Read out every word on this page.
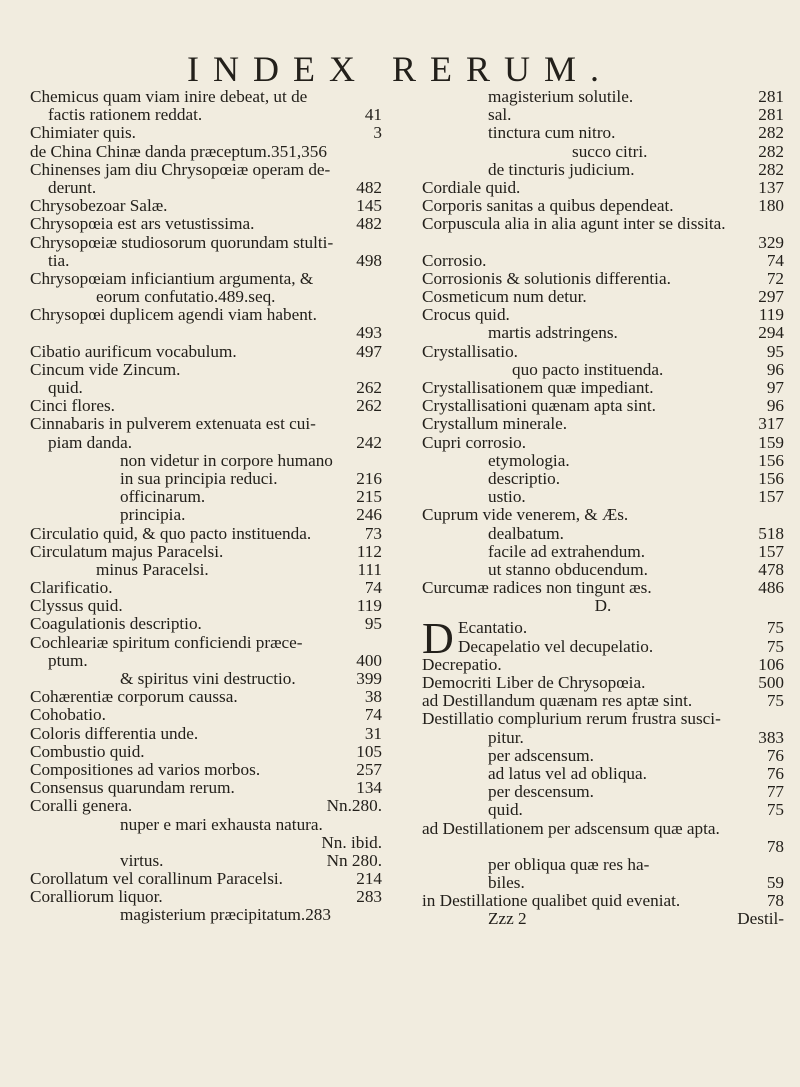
INDEX RERUM.
Chemicus quam viam inire debeat, ut de
factis rationem reddat.	41
Chimiater quis.	3
de China Chinæ danda præceptum.351,356
Chinenses jam diu Chrysopœiæ operam de-
derunt.	482
Chrysobezoar Salæ.	145
Chrysopœia est ars vetustissima.	482
Chrysopœiæ studiosorum quorundam stulti-
tia.	498
Chrysopœiam inficiantium argumenta, &
eorum confutatio.489.seq.
Chrysopœi duplicem agendi viam habent.
493
Cibatio aurificum vocabulum.	497
Cincum vide Zincum.
quid.	262
Cinci flores.	262
Cinnabaris in pulverem extenuata est cui-
piam danda.	242
non videtur in corpore humano
in sua principia reduci.	216
officinarum.	215
principia.	246
Circulatio quid, & quo pacto instituenda.	73
Circulatum majus Paracelsi.	112
minus Paracelsi.	111
Clarificatio.	74
Clyssus quid.	119
Coagulationis descriptio.	95
Cochleariæ spiritum conficiendi præce-
ptum.	400
& spiritus vini destructio.	399
Cohærentiæ corporum caussa.	38
Cohobatio.	74
Coloris differentia unde.	31
Combustio quid.	105
Compositiones ad varios morbos.	257
Consensus quarundam rerum.	134
Coralli genera.	Nn.280.
nuper e mari exhausta natura.
Nn. ibid.
virtus.	Nn 280.
Corollatum vel corallinum Paracelsi.	214
Coralliorum liquor.	283
magisterium præcipitatum.283
magisterium solutile.	281
sal.	281
tinctura cum nitro.	282
succo citri.	282
de tincturis judicium.	282
Cordiale quid.	137
Corporis sanitas a quibus dependeat.	180
Corpuscula alia in alia agunt inter se dissita.
329
Corrosio.	74
Corrosionis & solutionis differentia.	72
Cosmeticum num detur.	297
Crocus quid.	119
martis adstringens.	294
Crystallisatio.	95
quo pacto instituenda.	96
Crystallisationem quæ impediant.	97
Crystallisationi quænam apta sint.	96
Crystallum minerale.	317
Cupri corrosio.	159
etymologia.	156
descriptio.	156
ustio.	157
Cuprum vide venerem, & Æs.
dealbatum.	518
facile ad extrahendum.	157
ut stanno obducendum.	478
Curcumæ radices non tingunt æs.	486
D.
D Ecantatio.	75
Decapelatio vel decupelatio.	75
Decrepatio.	106
Democriti Liber de Chrysopœia.	500
ad Destillandum quænam res aptæ sint.	75
Destillatio complurium rerum frustra susci-
pitur.	383
per adscensum.	76
ad latus vel ad obliqua.	76
per descensum.	77
quid.	75
ad Destillationem per adscensum quæ apta.
78
per obliqua quæ res ha-
biles.	59
in Destillatione qualibet quid eveniat.	78
Zzz 2	Destil-
